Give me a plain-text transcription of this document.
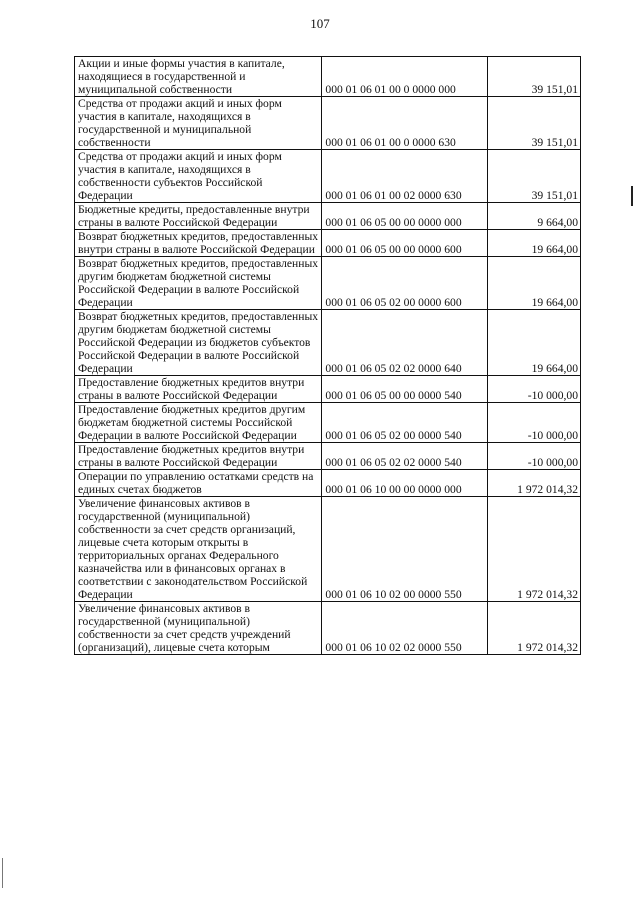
107
Акции и иные формы участия в капитале, находящиеся в государственной и муниципальной собственности	000 01 06 01 00 0 0000 000	39 151,01
Средства от продажи акций и иных форм участия в капитале, находящихся в государственной и муниципальной собственности	000 01 06 01 00 0 0000 630	39 151,01
Средства от продажи акций и иных форм участия в капитале, находящихся в собственности субъектов Российской Федерации	000 01 06 01 00 02 0000 630	39 151,01
Бюджетные кредиты, предоставленные внутри страны в валюте Российской Федерации	000 01 06 05 00 00 0000 000	9 664,00
Возврат бюджетных кредитов, предоставленных внутри страны в валюте Российской Федерации	000 01 06 05 00 00 0000 600	19 664,00
Возврат бюджетных кредитов, предоставленных другим бюджетам бюджетной системы Российской Федерации в валюте Российской Федерации	000 01 06 05 02 00 0000 600	19 664,00
Возврат бюджетных кредитов, предоставленных другим бюджетам бюджетной системы Российской Федерации из бюджетов субъектов Российской Федерации в валюте Российской Федерации	000 01 06 05 02 02 0000 640	19 664,00
Предоставление бюджетных кредитов внутри страны в валюте Российской Федерации	000 01 06 05 00 00 0000 540	-10 000,00
Предоставление бюджетных кредитов другим бюджетам бюджетной системы Российской Федерации в валюте Российской Федерации	000 01 06 05 02 00 0000 540	-10 000,00
Предоставление бюджетных кредитов внутри страны в валюте Российской Федерации	000 01 06 05 02 02 0000 540	-10 000,00
Операции по управлению остатками средств на единых счетах бюджетов	000 01 06 10 00 00 0000 000	1 972 014,32
Увеличение финансовых активов в государственной (муниципальной) собственности за счет средств организаций, лицевые счета которым открыты в территориальных органах Федерального казначейства или в финансовых органах в соответствии с законодательством Российской Федерации	000 01 06 10 02 00 0000 550	1 972 014,32
Увеличение финансовых активов в государственной (муниципальной) собственности за счет средств учреждений (организаций), лицевые счета которым	000 01 06 10 02 02 0000 550	1 972 014,32
